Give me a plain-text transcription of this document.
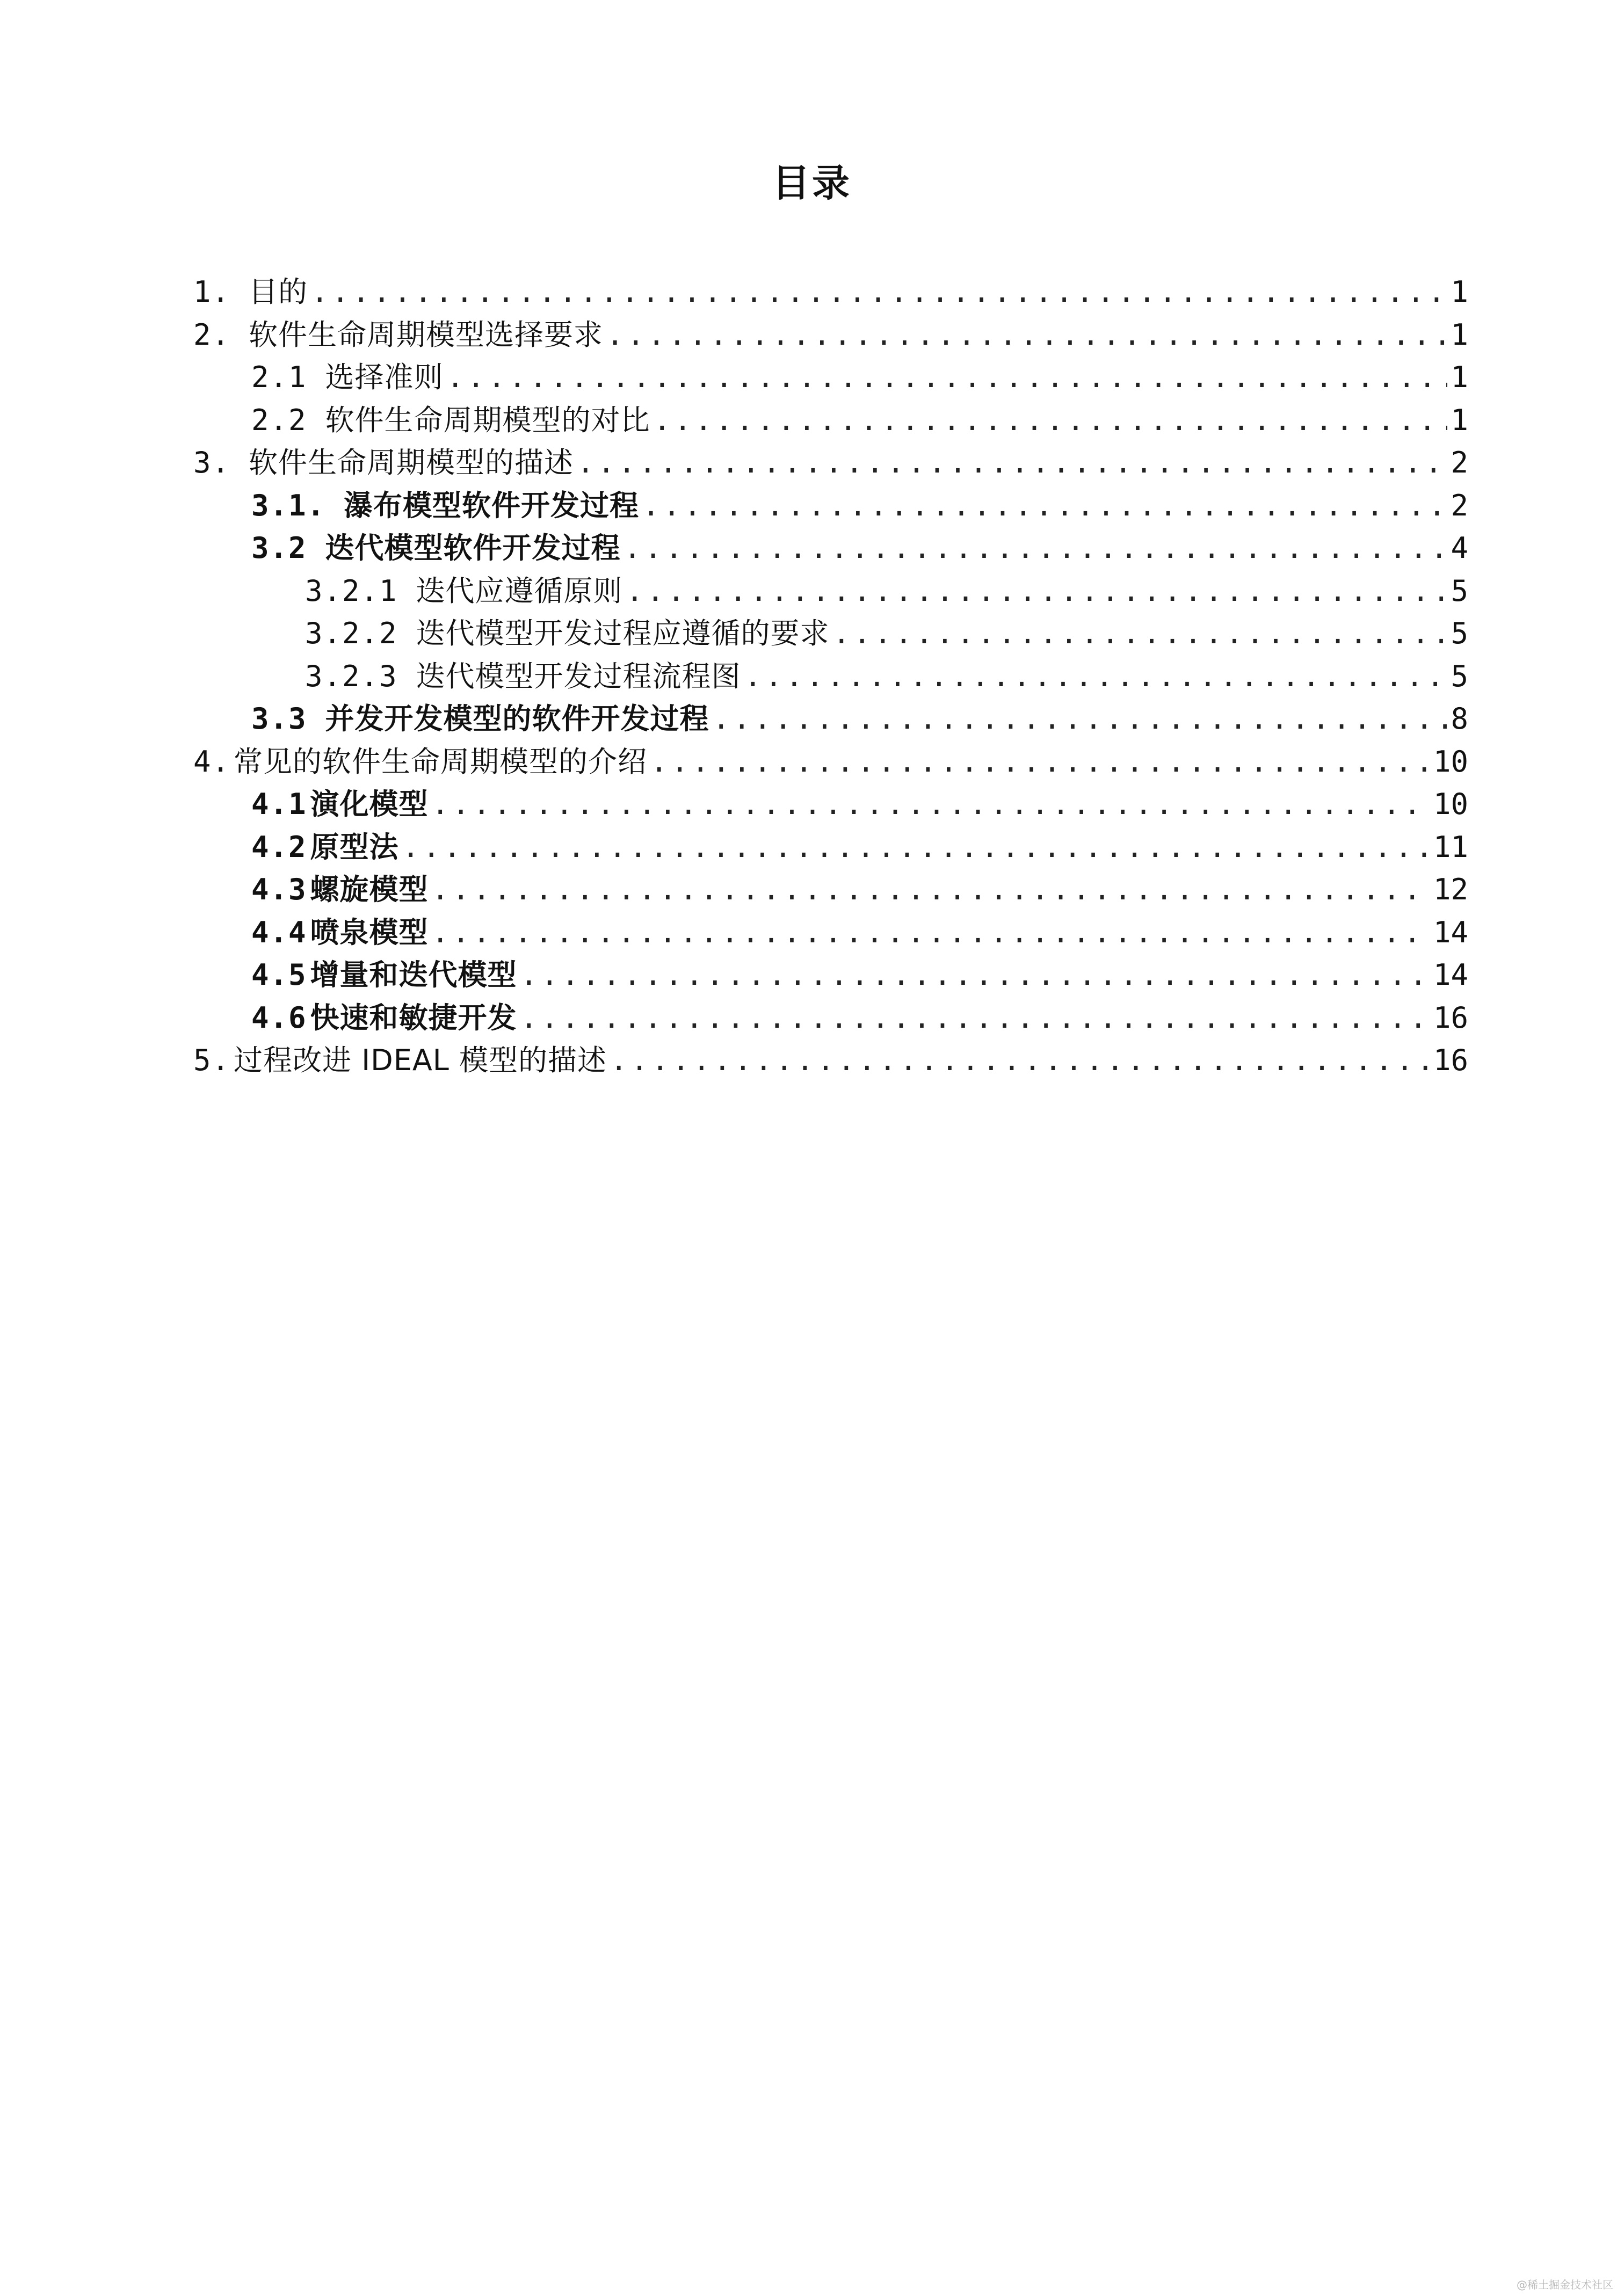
目录
1. 目的 .....	1
2. 软件生命周期模型选择要求 .....	1
2.1 选择准则 .....	1
2.2 软件生命周期模型的对比 .....	1
3. 软件生命周期模型的描述 .....	2
3.1. 瀑布模型软件开发过程 .....	2
3.2 迭代模型软件开发过程 .....	4
3.2.1 迭代应遵循原则 .....	5
3.2.2 迭代模型开发过程应遵循的要求 .....	5
3.2.3 迭代模型开发过程流程图 .....	5
3.3 并发开发模型的软件开发过程 .....	8
4. 常见的软件生命周期模型的介绍 .....	10
4.1 演化模型 .....	10
4.2 原型法 .....	11
4.3 螺旋模型 .....	12
4.4 喷泉模型 .....	14
4.5 增量和迭代模型 .....	14
4.6 快速和敏捷开发 .....	16
5. 过程改进 IDEAL 模型的描述 .....	16
@稀土掘金技术社区
